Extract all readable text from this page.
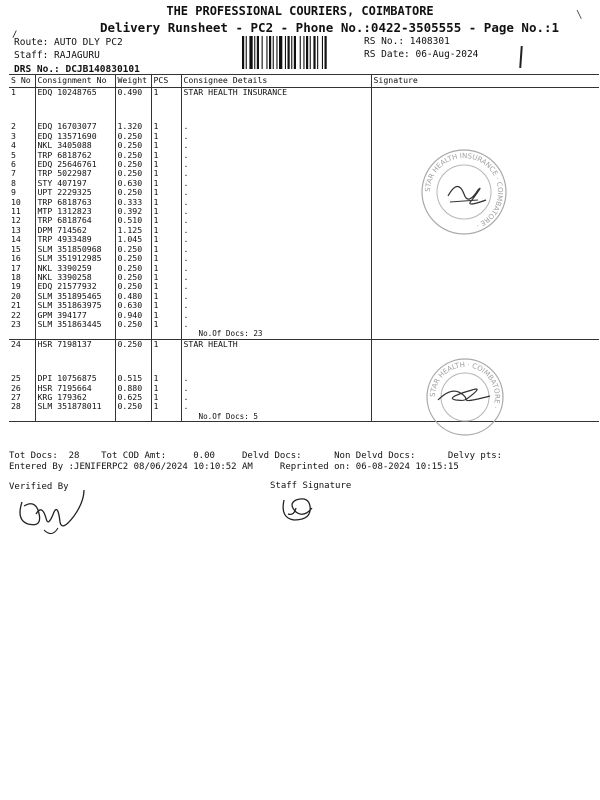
THE PROFESSIONAL COURIERS, COIMBATORE
Delivery Runsheet - PC2 - Phone No.:0422-3505555 - Page No.:1
/
\
Route: AUTO DLY PC2
Staff: RAJAGURU
DRS No.: DCJB140830101
RS No.: 1408301
RS Date: 06-Aug-2024
S No	Consignment No	Weight	PCS	Consignee Details	Signature
1	EDQ 10248765	0.490	1	STAR HEALTH INSURANCE	

2	EDQ 16703077	1.320	1	.	
3	EDQ 13571690	0.250	1	.	
4	NKL 3405088	0.250	1	.	
5	TRP 6818762	0.250	1	.	
6	EDQ 25646761	0.250	1	.	
7	TRP 5022987	0.250	1	.	
8	STY 407197	0.630	1	.	
9	UPT 2229325	0.250	1	.	
10	TRP 6818763	0.333	1	.	
11	MTP 1312823	0.392	1	.	
12	TRP 6818764	0.510	1	.	
13	DPM 714562	1.125	1	.	
14	TRP 4933489	1.045	1	.	
15	SLM 351850968	0.250	1	.	
16	SLM 351912985	0.250	1	.	
17	NKL 3390259	0.250	1	.	
18	NKL 3390258	0.250	1	.	
19	EDQ 21577932	0.250	1	.	
20	SLM 351895465	0.480	1	.	
21	SLM 351863975	0.630	1	.	
22	GPM 394177	0.940	1	.	
23	SLM 351863445	0.250	1	.	
				No.Of Docs: 23	
24	HSR 7198137	0.250	1	STAR HEALTH	

25	DPI 10756875	0.515	1	.	
26	HSR 7195664	0.880	1	.	
27	KRG 179362	0.625	1	.	
28	SLM 351878011	0.250	1	.	
				No.Of Docs: 5	
Tot Docs:  28    Tot COD Amt:     0.00     Delvd Docs:      Non Delvd Docs:      Delvy pts:
Entered By :JENIFERPC2 08/06/2024 10:10:52 AM     Reprinted on: 06-08-2024 10:15:15
Verified By	Staff Signature
STAR HEALTH INSURANCE · COIMBATORE ·
STAR HEALTH · COIMBATORE ·
